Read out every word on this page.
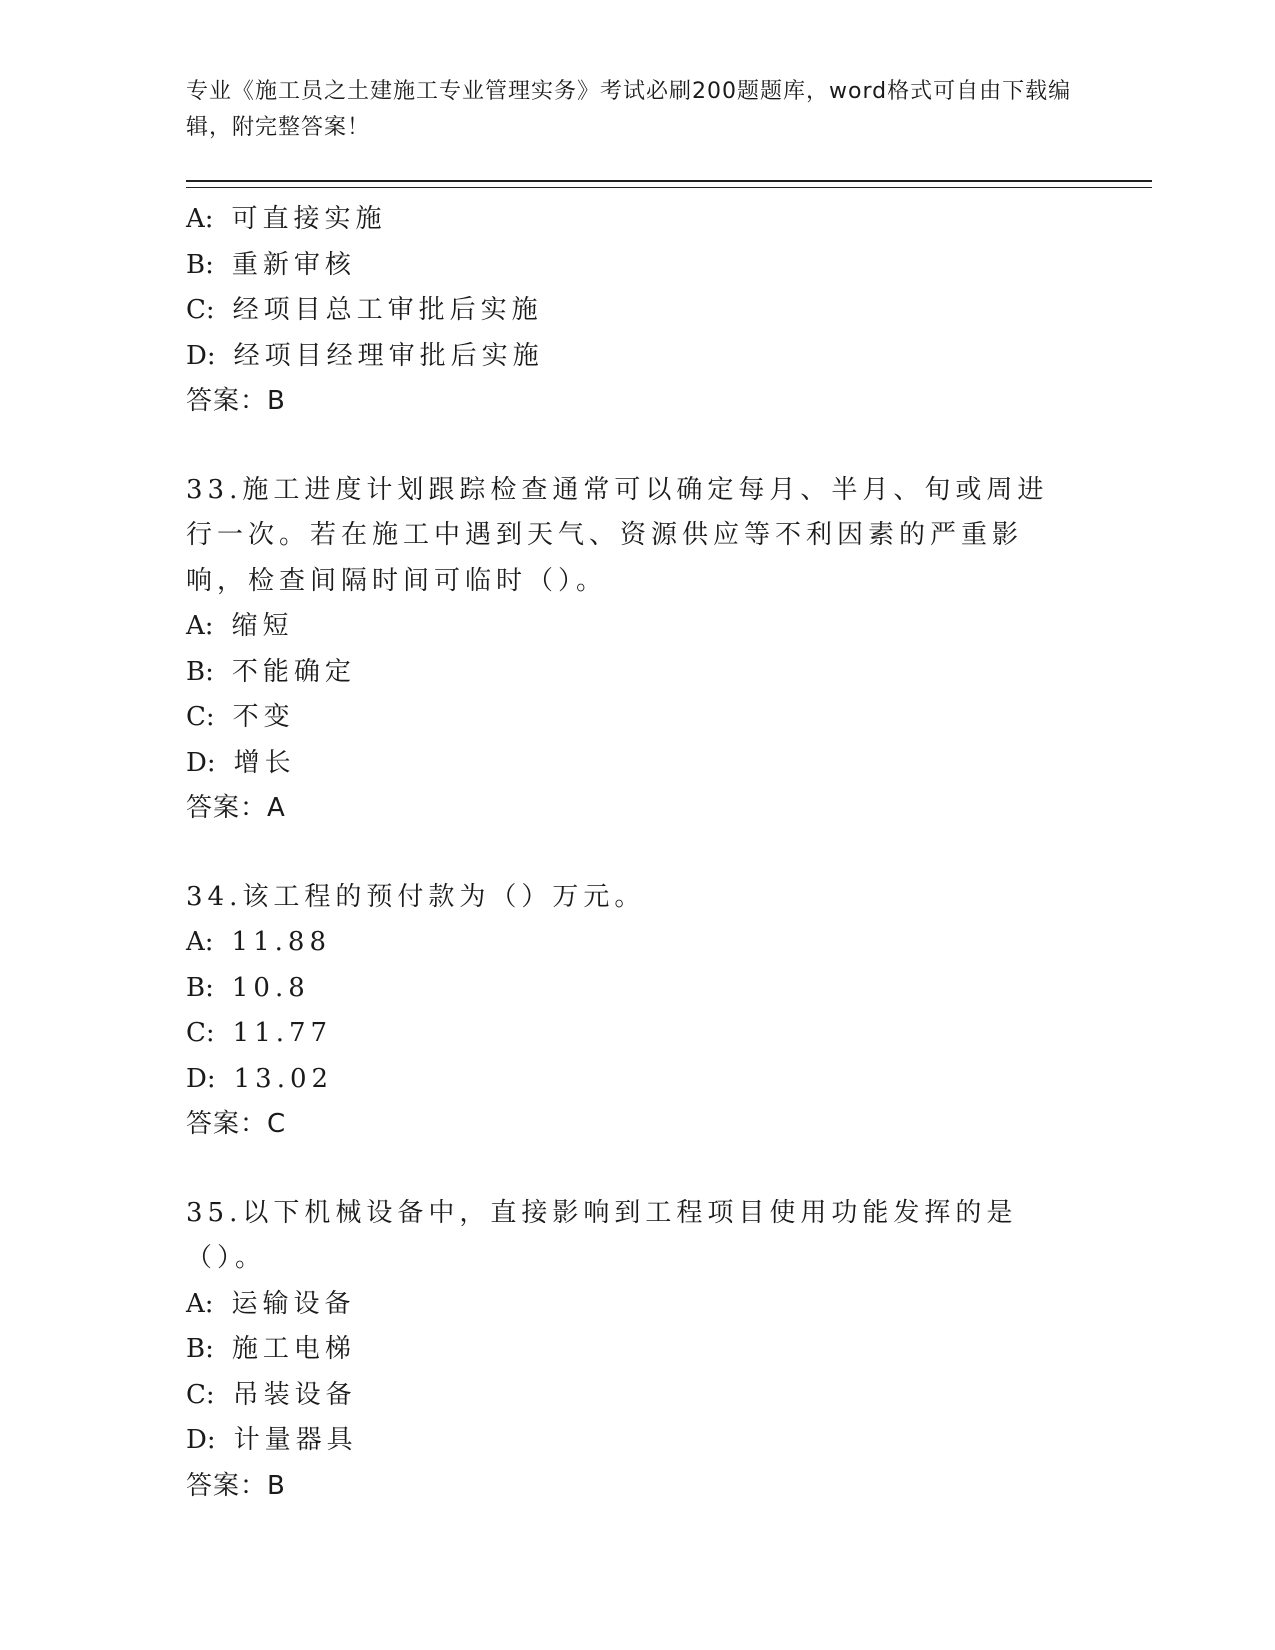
专业《施工员之土建施工专业管理实务》考试必刷200题题库，word格式可自由下载编辑，附完整答案！
A: 可直接实施
B: 重新审核
C: 经项目总工审批后实施
D: 经项目经理审批后实施
答案：B
33.施工进度计划跟踪检查通常可以确定每月、半月、旬或周进行一次。若在施工中遇到天气、资源供应等不利因素的严重影响，检查间隔时间可临时（）。
A: 缩短
B: 不能确定
C: 不变
D: 增长
答案：A
34.该工程的预付款为（）万元。
A: 11.88
B: 10.8
C: 11.77
D: 13.02
答案：C
35.以下机械设备中，直接影响到工程项目使用功能发挥的是（）。
A: 运输设备
B: 施工电梯
C: 吊装设备
D: 计量器具
答案：B
